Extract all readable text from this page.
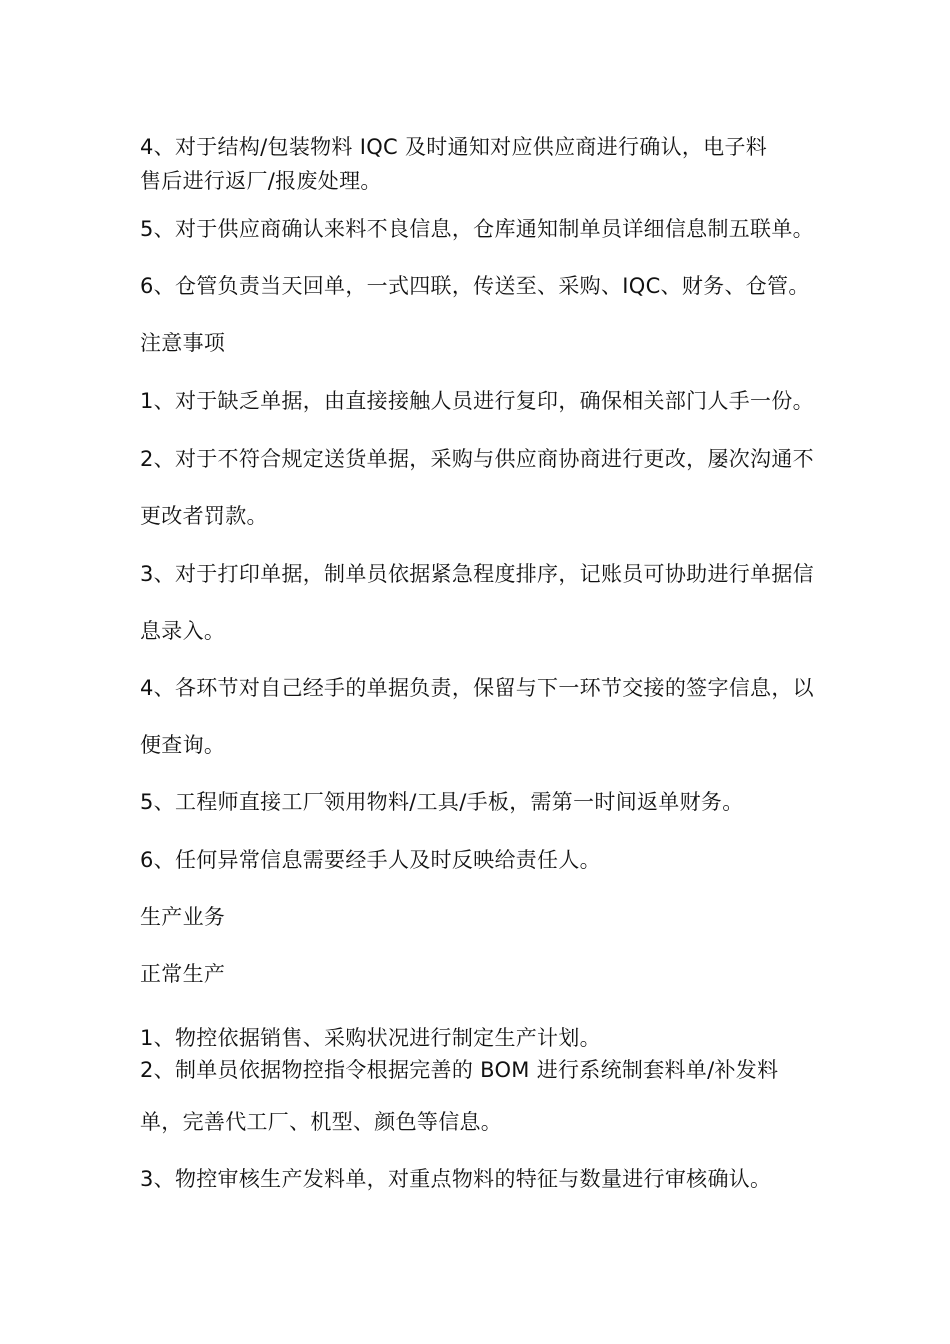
4、对于结构/包装物料 IQC 及时通知对应供应商进行确认，电子料

售后进行返厂/报废处理。

5、对于供应商确认来料不良信息，仓库通知制单员详细信息制五联单。

6、仓管负责当天回单，一式四联，传送至、采购、IQC、财务、仓管。

注意事项

1、对于缺乏单据，由直接接触人员进行复印，确保相关部门人手一份。

2、对于不符合规定送货单据，采购与供应商协商进行更改，屡次沟通不

更改者罚款。

3、对于打印单据，制单员依据紧急程度排序，记账员可协助进行单据信

息录入。

4、各环节对自己经手的单据负责，保留与下一环节交接的签字信息，以

便查询。

5、工程师直接工厂领用物料/工具/手板，需第一时间返单财务。

6、任何异常信息需要经手人及时反映给责任人。

生产业务

正常生产

1、物控依据销售、采购状况进行制定生产计划。

2、制单员依据物控指令根据完善的 BOM 进行系统制套料单/补发料

单，完善代工厂、机型、颜色等信息。

3、物控审核生产发料单，对重点物料的特征与数量进行审核确认。
